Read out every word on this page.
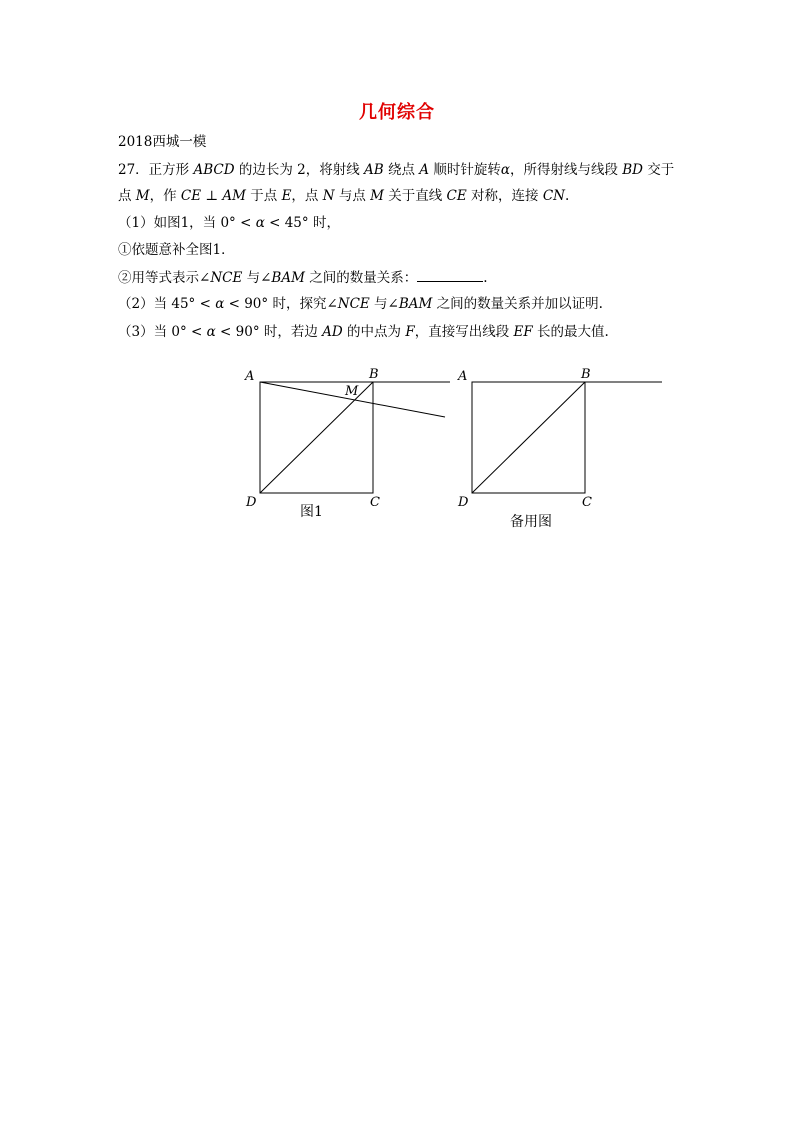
几何综合
2018西城一模
27．正方形 ABCD 的边长为 2，将射线 AB 绕点 A 顺时针旋转α，所得射线与线段 BD 交于
点 M，作 CE ⊥ AM 于点 E，点 N 与点 M 关于直线 CE 对称，连接 CN.
（1）如图1，当 0° < α < 45° 时，
①依题意补全图1．
②用等式表示∠NCE 与∠BAM 之间的数量关系：	.
（2）当 45° < α < 90° 时，探究∠NCE 与∠BAM 之间的数量关系并加以证明.
（3）当 0° < α < 90° 时，若边 AD 的中点为 F，直接写出线段 EF 长的最大值.
A	B
M
D	C
图1
A	B
D	C
备用图
